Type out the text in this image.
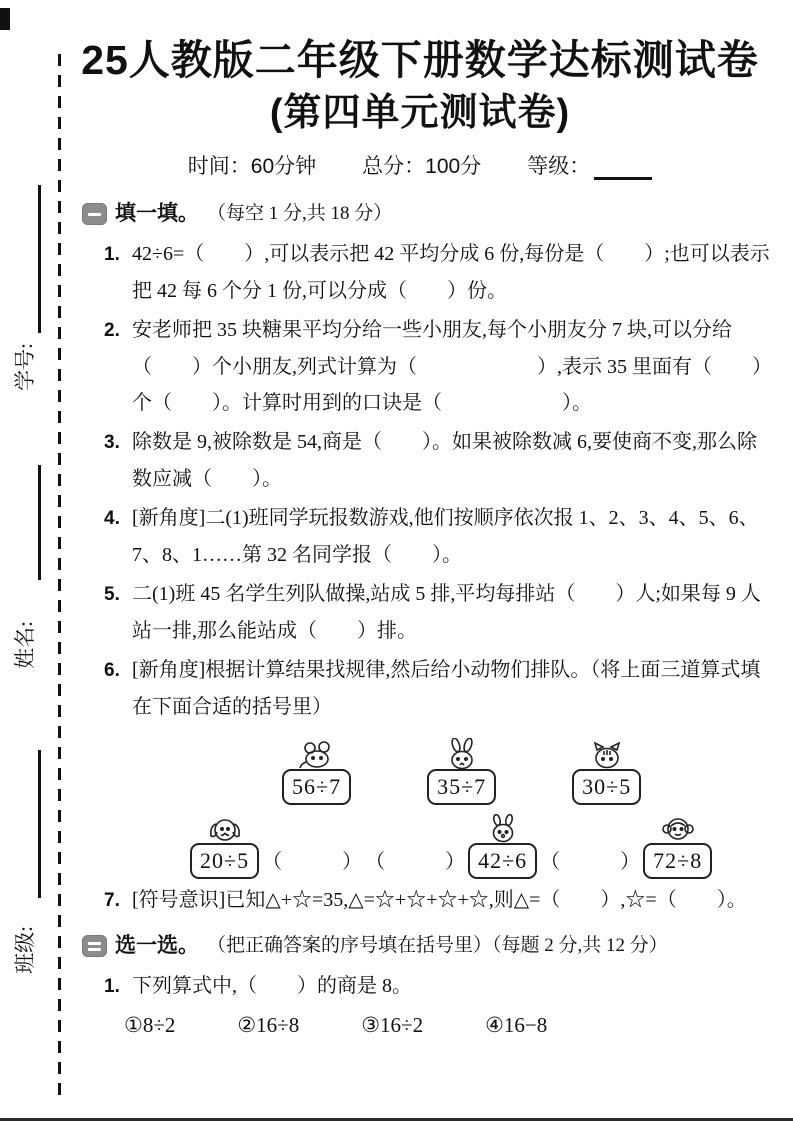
学号:
姓名:
班级:
25人教版二年级下册数学达标测试卷
(第四单元测试卷)
时间：60分钟 总分：100分 等级：
填一填。 （每空 1 分,共 18 分）
1. 42÷6=（　　）,可以表示把 42 平均分成 6 份,每份是（　　）;也可以表示把 42 每 6 个分 1 份,可以分成（　　）份。
2. 安老师把 35 块糖果平均分给一些小朋友,每个小朋友分 7 块,可以分给（　　）个小朋友,列式计算为（　　　　　　）,表示 35 里面有（　　）个（　　）。计算时用到的口诀是（　　　　　　）。
3. 除数是 9,被除数是 54,商是（　　）。如果被除数减 6,要使商不变,那么除数应减（　　）。
4. [新角度]二(1)班同学玩报数游戏,他们按顺序依次报 1、2、3、4、5、6、7、8、1……第 32 名同学报（　　）。
5. 二(1)班 45 名学生列队做操,站成 5 排,平均每排站（　　）人;如果每 9 人站一排,那么能站成（　　）排。
6. [新角度]根据计算结果找规律,然后给小动物们排队。（将上面三道算式填在下面合适的括号里）
56÷7	35÷7	30÷5
20÷5 （　　　） （　　　） 42÷6 （　　　） 72÷8
7. [符号意识]已知△+☆=35,△=☆+☆+☆+☆,则△=（　　）,☆=（　　）。
选一选。 （把正确答案的序号填在括号里）（每题 2 分,共 12 分）
1. 下列算式中,（　　）的商是 8。
①8÷2	②16÷8	③16÷2	④16−8
